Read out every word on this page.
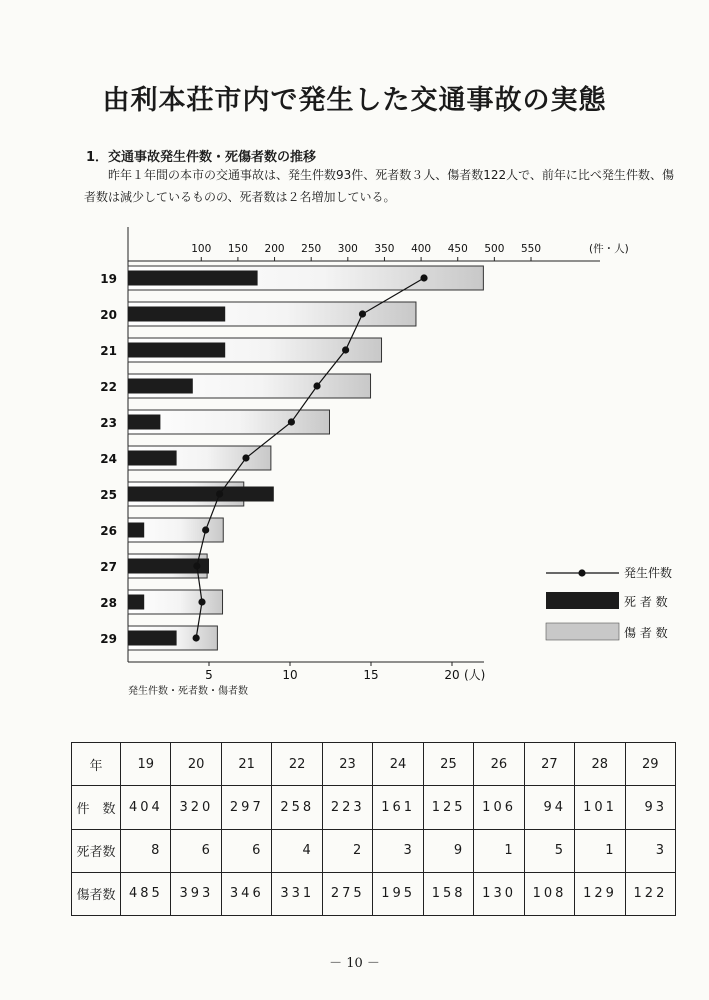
由利本荘市内で発生した交通事故の実態
1．交通事故発生件数・死傷者数の推移
昨年１年間の本市の交通事故は、発生件数93件、死者数３人、傷者数122人で、前年に比べ発生件数、傷者数は減少しているものの、死者数は２名増加している。
100 150 200 250 300 350 400 450 500 550	(件・人)
5	10	15	20 (人)
発生件数・死者数・傷者数
19
20
21
22
23
24
25
26
27
28
29
発生件数
死 者 数
傷 者 数
年	19	20	21	22	23	24	25	26	27	28	29
件　数	404	320	297	258	223	161	125	106	94	101	93
死者数	8	6	6	4	2	3	9	1	5	1	3
傷者数	485	393	346	331	275	195	158	130	108	129	122
－ 10 －
